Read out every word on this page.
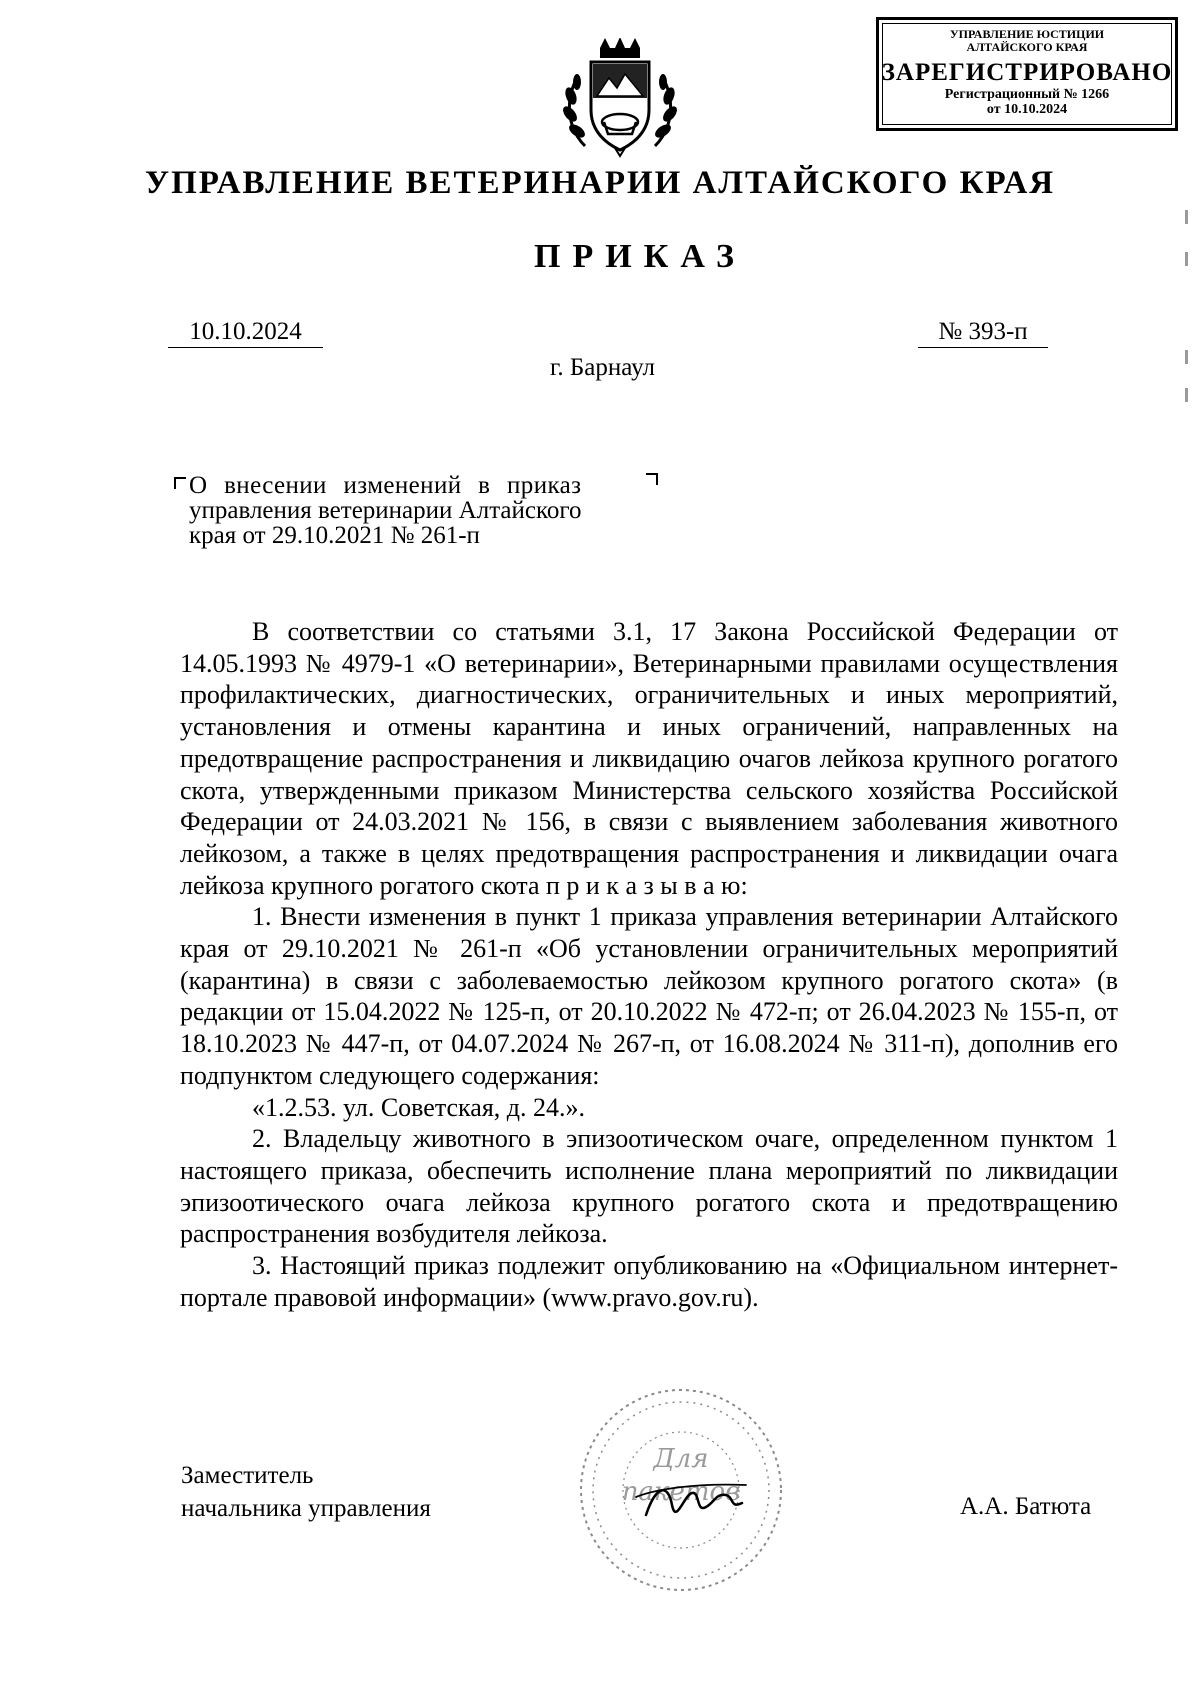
УПРАВЛЕНИЕ ЮСТИЦИИ
АЛТАЙСКОГО КРАЯ
ЗАРЕГИСТРИРОВАНО
Регистрационный № 1266
от 10.10.2024
УПРАВЛЕНИЕ ВЕТЕРИНАРИИ АЛТАЙСКОГО КРАЯ
ПРИКАЗ
10.10.2024	№ 393-п
г. Барнаул
О внесении изменений в приказ
управления ветеринарии Алтайского
края от 29.10.2021 № 261-п

В соответствии со статьями 3.1, 17 Закона Российской Федерации от 14.05.1993 № 4979-1 «О ветеринарии», Ветеринарными правилами осуществления профилактических, диагностических, ограничительных и иных мероприятий, установления и отмены карантина и иных ограничений, направленных на предотвращение распространения и ликвидацию очагов лейкоза крупного рогатого скота, утвержденными приказом Министерства сельского хозяйства Российской Федерации от 24.03.2021 № 156, в связи с выявлением заболевания животного лейкозом, а также в целях предотвращения распространения и ликвидации очага лейкоза крупного рогатого скота п р и к а з ы в а ю:

1. Внести изменения в пункт 1 приказа управления ветеринарии Алтайского края от 29.10.2021 № 261-п «Об установлении ограничительных мероприятий (карантина) в связи с заболеваемостью лейкозом крупного рогатого скота» (в редакции от 15.04.2022 № 125-п, от 20.10.2022 № 472-п; от 26.04.2023 № 155-п, от 18.10.2023 № 447-п, от 04.07.2024 № 267-п, от 16.08.2024 № 311-п), дополнив его подпунктом следующего содержания:

«1.2.53. ул. Советская, д. 24.».

2. Владельцу животного в эпизоотическом очаге, определенном пунктом 1 настоящего приказа, обеспечить исполнение плана мероприятий по ликвидации эпизоотического очага лейкоза крупного рогатого скота и предотвращению распространения возбудителя лейкоза.

3. Настоящий приказ подлежит опубликованию на «Официальном интернет-портале правовой информации» (www.pravo.gov.ru).

Заместитель
начальника управления
Для
пакетов	А.А. Батюта
